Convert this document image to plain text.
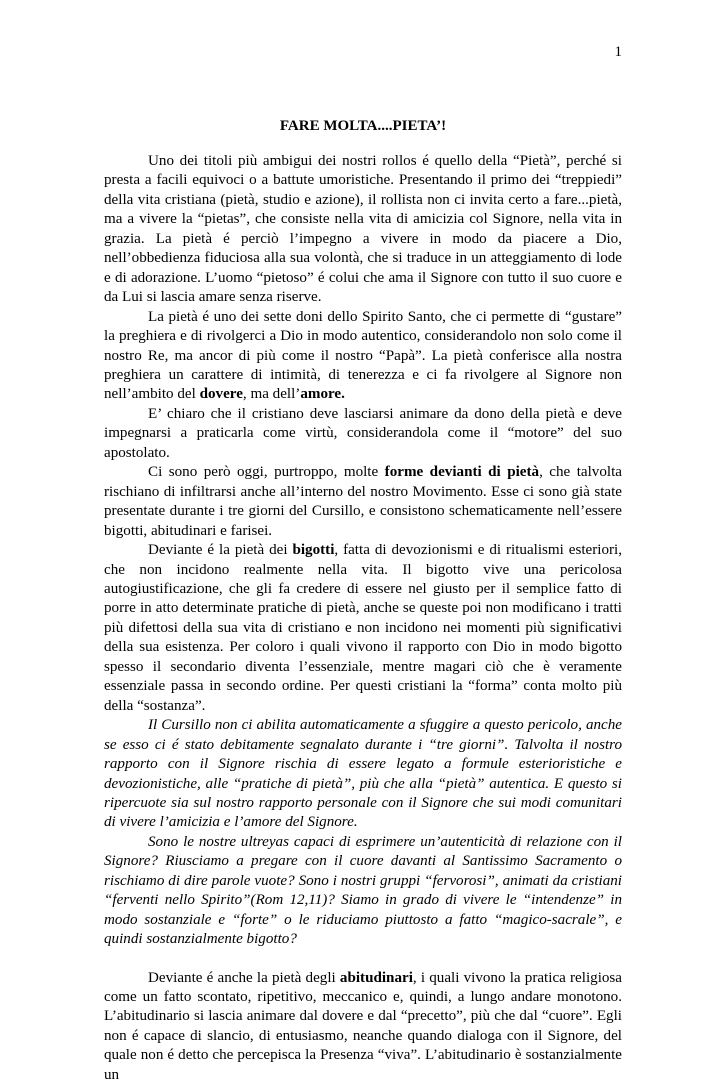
1
FARE MOLTA....PIETA’!

Uno dei titoli più ambigui dei nostri rollos é quello della “Pietà”, perché si presta a facili equivoci o a battute umoristiche. Presentando il primo dei “treppiedi” della vita cristiana (pietà, studio e azione), il rollista non ci invita certo a fare...pietà, ma a vivere la “pietas”, che consiste nella vita di amicizia col Signore, nella vita in grazia. La pietà é perciò l’impegno a vivere in modo da piacere a Dio, nell’obbedienza fiduciosa alla sua volontà, che si traduce in un atteggiamento di lode e di adorazione. L’uomo “pietoso” é colui che ama il Signore con tutto il suo cuore e da Lui si lascia amare senza riserve.

La pietà é uno dei sette doni dello Spirito Santo, che ci permette di “gustare” la preghiera e di rivolgerci a Dio in modo autentico, considerandolo non solo come il nostro Re, ma ancor di più come il nostro “Papà”. La pietà conferisce alla nostra preghiera un carattere di intimità, di tenerezza e ci fa rivolgere al Signore non nell’ambito del dovere, ma dell’amore.

E’ chiaro che il cristiano deve lasciarsi animare da dono della pietà e deve impegnarsi a praticarla come virtù, considerandola come il “motore” del suo apostolato.

Ci sono però oggi, purtroppo, molte forme devianti di pietà, che talvolta rischiano di infiltrarsi anche all’interno del nostro Movimento. Esse ci sono già state presentate durante i tre giorni del Cursillo, e consistono schematicamente nell’essere bigotti, abitudinari e farisei.

Deviante é la pietà dei bigotti, fatta di devozionismi e di ritualismi esteriori, che non incidono realmente nella vita. Il bigotto vive una pericolosa autogiustificazione, che gli fa credere di essere nel giusto per il semplice fatto di porre in atto determinate pratiche di pietà, anche se queste poi non modificano i tratti più difettosi della sua vita di cristiano e non incidono nei momenti più significativi della sua esistenza. Per coloro i quali vivono il rapporto con Dio in modo bigotto spesso il secondario diventa l’essenziale, mentre magari ciò che è veramente essenziale passa in secondo ordine. Per questi cristiani la “forma” conta molto più della “sostanza”.

Il Cursillo non ci abilita automaticamente a sfuggire a questo pericolo, anche se esso ci é stato debitamente segnalato durante i “tre giorni”. Talvolta il nostro rapporto con il Signore rischia di essere legato a formule esterioristiche e devozionistiche, alle “pratiche di pietà”, più che alla “pietà” autentica. E questo si ripercuote sia sul nostro rapporto personale con il Signore che sui modi comunitari di vivere l’amicizia e l’amore del Signore.

Sono le nostre ultreyas capaci di esprimere un’autenticità di relazione con il Signore? Riusciamo a pregare con il cuore davanti al Santissimo Sacramento o rischiamo di dire parole vuote? Sono i nostri gruppi “fervorosi”, animati da cristiani “ferventi nello Spirito”(Rom 12,11)? Siamo in grado di vivere le “intendenze” in modo sostanziale e “forte” o le riduciamo piuttosto a fatto “magico-sacrale”, e quindi sostanzialmente bigotto?

Deviante é anche la pietà degli abitudinari, i quali vivono la pratica religiosa come un fatto scontato, ripetitivo, meccanico e, quindi, a lungo andare monotono. L’abitudinario si lascia animare dal dovere e dal “precetto”, più che dal “cuore”. Egli non é capace di slancio, di entusiasmo, neanche quando dialoga con il Signore, del quale non é detto che percepisca la Presenza “viva”. L’abitudinario è sostanzialmente un
